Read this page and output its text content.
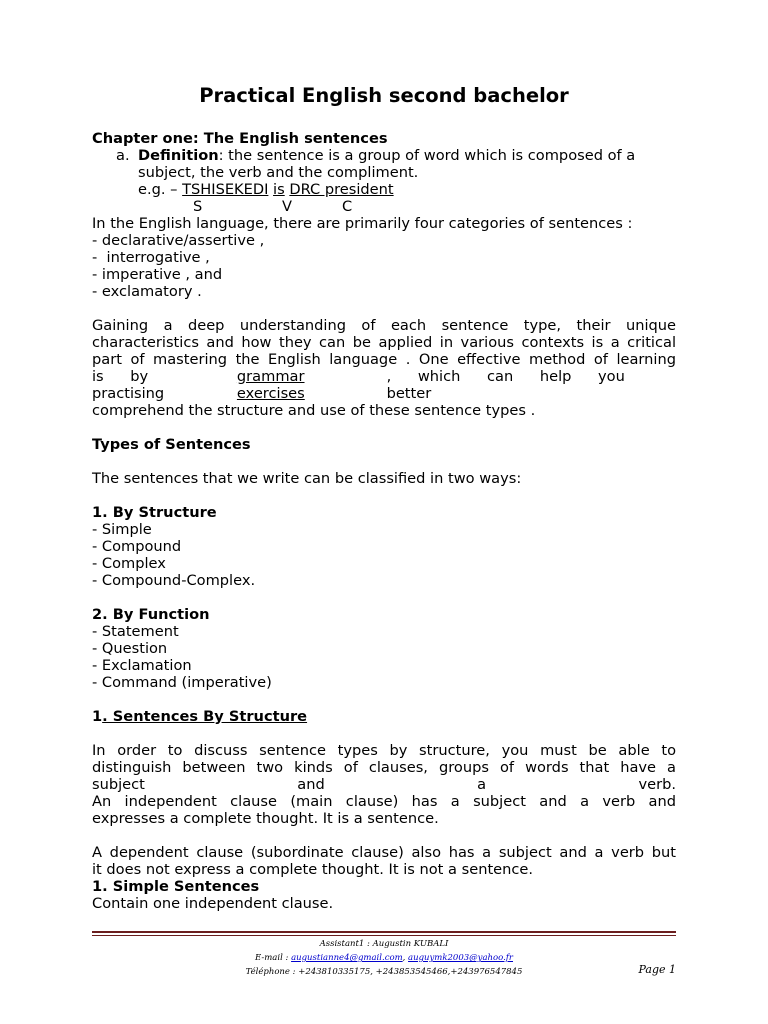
Practical English second bachelor
Chapter one: The English sentences
a. Definition: the sentence is a group of word which is composed of a
subject, the verb and the compliment.
e.g. – TSHISEKEDI is DRC president
S	V	C
In the English language, there are primarily four categories of sentences :
- declarative/assertive ,
-  interrogative ,
- imperative , and
- exclamatory .
Gaining a deep understanding of each sentence type, their unique
characteristics and how they can be applied in various contexts is a critical
part of mastering the English language . One effective method of learning
is by practising
grammar exercises
, which can help you better
comprehend the structure and use of these sentence types .
Types of Sentences
The sentences that we write can be classified in two ways:
1. By Structure
- Simple
- Compound
- Complex
- Compound-Complex.
2. By Function
- Statement
- Question
- Exclamation
- Command (imperative)
1. Sentences By Structure
In order to discuss sentence types by structure, you must be able to
distinguish between two kinds of clauses, groups of words that have a
subject and a verb.
An independent clause (main clause) has a subject and a verb and
expresses a complete thought. It is a sentence.
A dependent clause (subordinate clause) also has a subject and a verb but
it does not express a complete thought. It is not a sentence.
1. Simple Sentences
Contain one independent clause.
Assistant1 : Augustin KUBALI
E-mail : augustianne4@gmail.com, auguymk2003@yahoo.fr
Téléphone : +243810335175, +243853545466,+243976547845	Page 1
